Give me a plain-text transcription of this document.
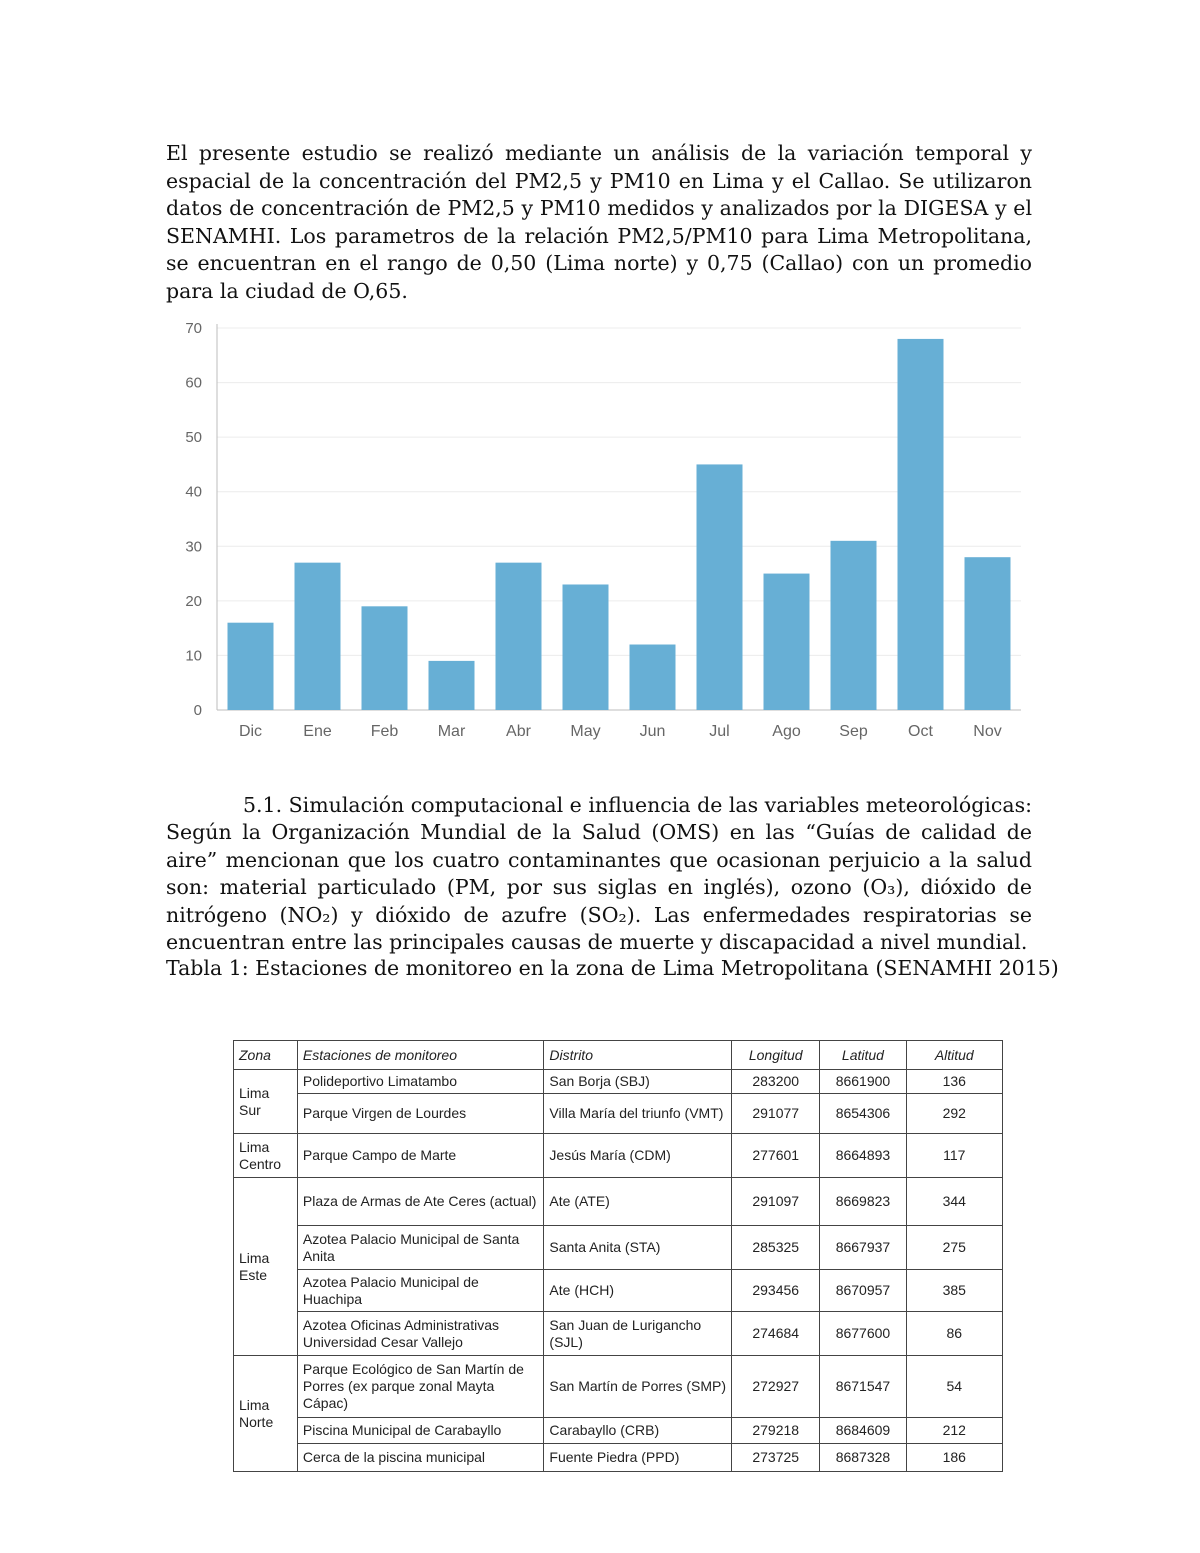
El presente estudio se realizó mediante un análisis de la variación temporal y espacial de la concentración del PM2,5 y PM10 en Lima y el Callao. Se utilizaron datos de concentración de PM2,5 y PM10 medidos y analizados por la DIGESA y el SENAMHI. Los parametros de la relación PM2,5/PM10 para Lima Metropolitana, se encuentran en el rango de 0,50 (Lima norte) y 0,75 (Callao) con un promedio para la ciudad de O,65.

0
10
20
30
40
50
60
70
Dic	Ene Feb Mar	Abr May Jun	Jul	Ago Sep	Oct	Nov
5.1. Simulación computacional e influencia de las variables meteorológicas:

Según la Organización Mundial de la Salud (OMS) en las “Guías de calidad de aire” mencionan que los cuatro contaminantes que ocasionan perjuicio a la salud son: material particulado (PM, por sus siglas en inglés), ozono (O₃), dióxido de nitrógeno (NO₂) y dióxido de azufre (SO₂). Las enfermedades respiratorias se encuentran entre las principales causas de muerte y discapacidad a nivel mundial.

Tabla 1: Estaciones de monitoreo en la zona de Lima Metropolitana (SENAMHI 2015)
Zona	Estaciones de monitoreo	Distrito	Longitud	Latitud	Altitud
Lima Sur	Polideportivo Limatambo	San Borja (SBJ)	283200	8661900	136
	Parque Virgen de Lourdes	Villa María del triunfo (VMT)	291077	8654306	292
Lima Centro	Parque Campo de Marte	Jesús María (CDM)	277601	8664893	117
Lima Este	Plaza de Armas de Ate Ceres (actual)	Ate (ATE)	291097	8669823	344
	Azotea Palacio Municipal de Santa Anita	Santa Anita (STA)	285325	8667937	275
	Azotea Palacio Municipal de Huachipa	Ate (HCH)	293456	8670957	385
	Azotea Oficinas Administrativas Universidad Cesar Vallejo	San Juan de Lurigancho (SJL)	274684	8677600	86
Lima Norte	Parque Ecológico de San Martín de Porres (ex parque zonal Mayta Cápac)	San Martín de Porres (SMP)	272927	8671547	54
	Piscina Municipal de Carabayllo	Carabayllo (CRB)	279218	8684609	212
	Cerca de la piscina municipal	Fuente Piedra (PPD)	273725	8687328	186
